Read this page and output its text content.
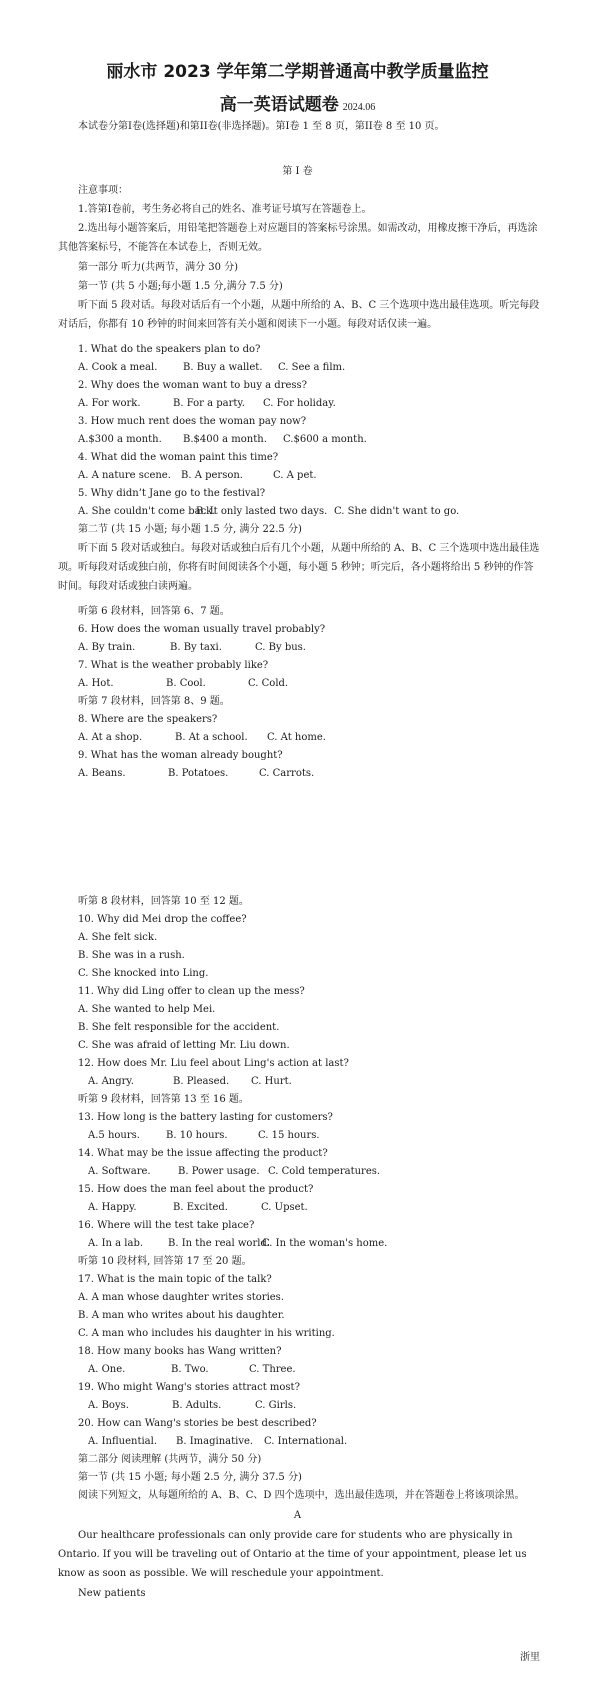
丽水市 2023 学年第二学期普通高中教学质量监控
高一英语试题卷 2024.06
本试卷分第I卷(选择题)和第II卷(非选择题)。第I卷 1 至 8 页，第II卷 8 至 10 页。
第 I 卷
注意事项：
1.答第I卷前，考生务必将自己的姓名、准考证号填写在答题卷上。
2.选出每小题答案后，用铅笔把答题卷上对应题目的答案标号涂黑。如需改动，用橡皮擦干净后，再选涂其他答案标号，不能答在本试卷上，否则无效。
第一部分 听力(共两节，满分 30 分)
第一节 (共 5 小题;每小题 1.5 分,满分 7.5 分)
听下面 5 段对话。每段对话后有一个小题，从题中所给的 A、B、C 三个选项中选出最佳选项。听完每段对话后，你都有 10 秒钟的时间来回答有关小题和阅读下一小题。每段对话仅读一遍。
1. What do the speakers plan to do?
A. Cook a meal.	B. Buy a wallet. C. See a film.
2. Why does the woman want to buy a dress?
A. For work.	B. For a party. C. For holiday.
3. How much rent does the woman pay now?
A.$300 a month. B.$400 a month. C.$600 a month.
4. What did the woman paint this time?
A. A nature scene. B. A person.	C. A pet.
5. Why didn’t Jane go to the festival?
A. She couldn't come back.B. It only lasted two days. C. She didn't want to go.
第二节 (共 15 小题; 每小题 1.5 分, 满分 22.5 分)
听下面 5 段对话或独白。每段对话或独白后有几个小题，从题中所给的 A、B、C 三个选项中选出最佳选项。听每段对话或独白前，你将有时间阅读各个小题，每小题 5 秒钟；听完后，各小题将给出 5 秒钟的作答时间。每段对话或独白读两遍。
听第 6 段材料，回答第 6、7 题。
6. How does the woman usually travel probably?
A. By train.	B. By taxi.	C. By bus.
7. What is the weather probably like?
A. Hot.	B. Cool.	C. Cold.
听第 7 段材料，回答第 8、9 题。
8. Where are the speakers?
A. At a shop.	B. At a school. C. At home.
9. What has the woman already bought?
A. Beans.	B. Potatoes.	C. Carrots.
听第 8 段材料，回答第 10 至 12 题。
10. Why did Mei drop the coffee?
A. She felt sick.
B. She was in a rush.
C. She knocked into Ling.
11. Why did Ling offer to clean up the mess?
A. She wanted to help Mei.
B. She felt responsible for the accident.
C. She was afraid of letting Mr. Liu down.
12. How does Mr. Liu feel about Ling's action at last?
A. Angry.	B. Pleased. C. Hurt.
听第 9 段材料，回答第 13 至 16 题。
13. How long is the battery lasting for customers?
A.5 hours.	B. 10 hours.	C. 15 hours.
14. What may be the issue affecting the product?
A. Software.	B. Power usage. C. Cold temperatures.
15. How does the man feel about the product?
A. Happy.	B. Excited.	C. Upset.
16. Where will the test take place?
A. In a lab. B. In the real world.C. In the woman's home.
听第 10 段材料, 回答第 17 至 20 题。
17. What is the main topic of the talk?
A. A man whose daughter writes stories.
B. A man who writes about his daughter.
C. A man who includes his daughter in his writing.
18. How many books has Wang written?
A. One.	B. Two.	C. Three.
19. Who might Wang's stories attract most?
A. Boys.	B. Adults.	C. Girls.
20. How can Wang's stories be best described?
A. Influential. B. Imaginative. C. International.
第二部分 阅读理解 (共两节，满分 50 分)
第一节 (共 15 小题; 每小题 2.5 分, 满分 37.5 分)
阅读下列短文，从每题所给的 A、B、C、D 四个选项中，选出最佳选项，并在答题卷上将该项涂黑。
A
Our healthcare professionals can only provide care for students who are physically in Ontario. If you will be traveling out of Ontario at the time of your appointment, please let us know as soon as possible. We will reschedule your appointment.
New patients
浙里
